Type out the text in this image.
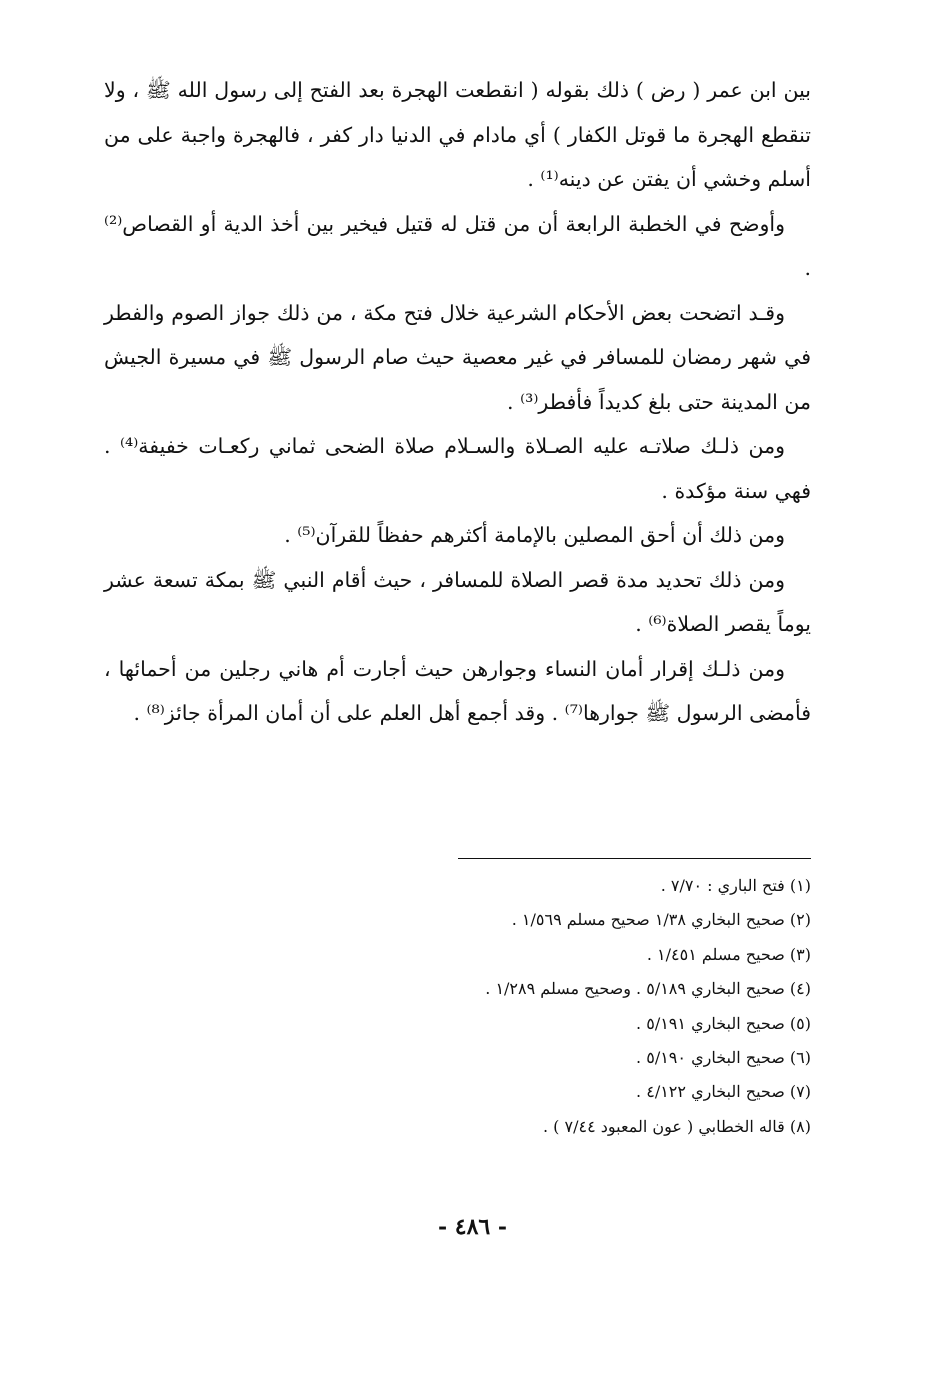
بين ابن عمر ( رض ) ذلك بقوله ( انقطعت الهجرة بعد الفتح إلى رسول الله ﷺ ، ولا تنقطع الهجرة ما قوتل الكفار ) أي مادام في الدنيا دار كفر ، فالهجرة واجبة على من أسلم وخشي أن يفتن عن دينه⁽¹⁾ .

وأوضح في الخطبة الرابعة أن من قتل له قتيل فيخير بين أخذ الدية أو القصاص⁽²⁾ .

وقـد اتضحت بعض الأحكام الشرعية خلال فتح مكة ، من ذلك جواز الصوم والفطر في شهر رمضان للمسافر في غير معصية حيث صام الرسول ﷺ في مسيرة الجيش من المدينة حتى بلغ كديداً فأفطر⁽³⁾ .

ومن ذلـك صلاتـه عليه الصـلاة والسـلام صلاة الضحى ثماني ركعـات خفيفة⁽⁴⁾ . فهي سنة مؤكدة .

ومن ذلك أن أحق المصلين بالإمامة أكثرهم حفظاً للقرآن⁽⁵⁾ .

ومن ذلك تحديد مدة قصر الصلاة للمسافر ، حيث أقام النبي ﷺ بمكة تسعة عشر يوماً يقصر الصلاة⁽⁶⁾ .

ومن ذلـك إقرار أمان النساء وجوارهن حيث أجارت أم هاني رجلين من أحمائها ، فأمضى الرسول ﷺ جوارها⁽⁷⁾ . وقد أجمع أهل العلم على أن أمان المرأة جائز⁽⁸⁾ .

(١) فتح الباري : ٧/٧٠ .
(٢) صحيح البخاري ١/٣٨ صحيح مسلم ١/٥٦٩ .
(٣) صحيح مسلم ١/٤٥١ .
(٤) صحيح البخاري ٥/١٨٩ . وصحيح مسلم ١/٢٨٩ .
(٥) صحيح البخاري ٥/١٩١ .
(٦) صحيح البخاري ٥/١٩٠ .
(٧) صحيح البخاري ٤/١٢٢ .
(٨) قاله الخطابي ( عون المعبود ٧/٤٤ ) .
- ٤٨٦ -
